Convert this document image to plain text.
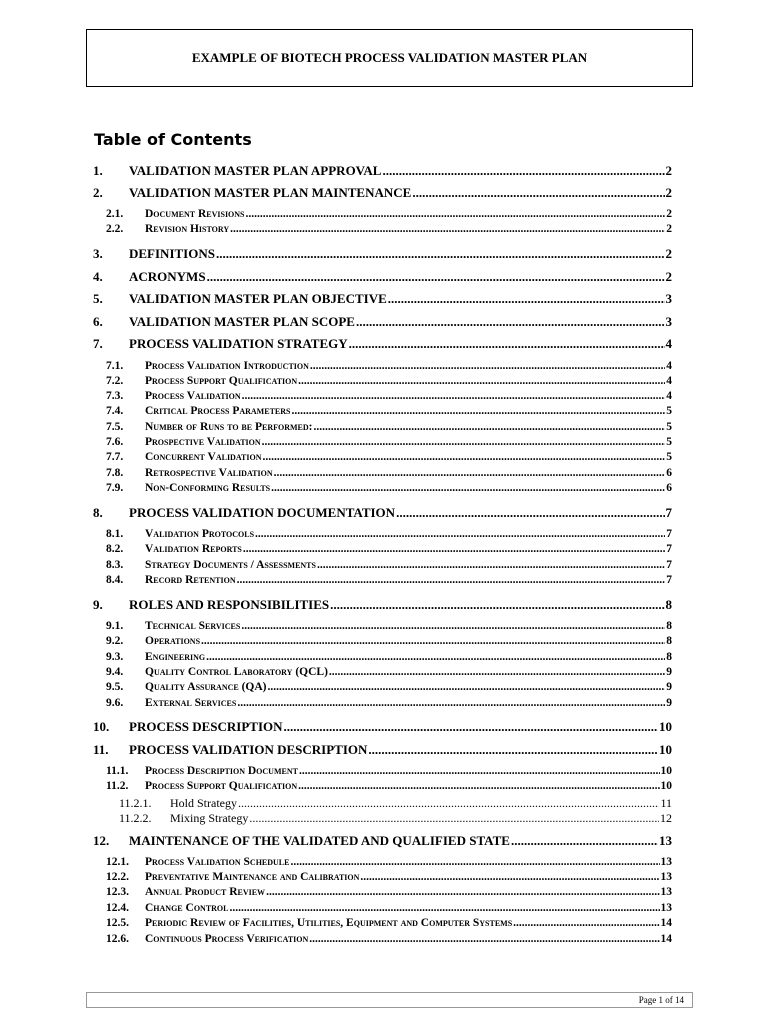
EXAMPLE OF BIOTECH PROCESS VALIDATION MASTER PLAN
Table of Contents
1.	VALIDATION MASTER PLAN APPROVAL .....	2
2.	VALIDATION MASTER PLAN MAINTENANCE .....	2
2.1.	Document Revisions .....	2
2.2.	Revision History .....	2
3.	DEFINITIONS .....	2
4.	ACRONYMS .....	2
5.	VALIDATION MASTER PLAN OBJECTIVE .....	3
6.	VALIDATION MASTER PLAN SCOPE .....	3
7.	PROCESS VALIDATION STRATEGY .....	4
7.1.	Process Validation Introduction .....	4
7.2.	Process Support Qualification .....	4
7.3.	Process Validation .....	4
7.4.	Critical Process Parameters .....	5
7.5.	Number of Runs to be Performed: .....	5
7.6.	Prospective Validation .....	5
7.7.	Concurrent Validation .....	5
7.8.	Retrospective Validation .....	6
7.9.	Non-Conforming Results .....	6
8.	PROCESS VALIDATION DOCUMENTATION .....	7
8.1.	Validation Protocols .....	7
8.2.	Validation Reports .....	7
8.3.	Strategy Documents / Assessments .....	7
8.4.	Record Retention .....	7
9.	ROLES AND RESPONSIBILITIES .....	8
9.1.	Technical Services .....	8
9.2.	Operations .....	8
9.3.	Engineering .....	8
9.4.	Quality Control Laboratory (QCL) .....	9
9.5.	Quality Assurance (QA) .....	9
9.6.	External Services .....	9
10.	PROCESS DESCRIPTION .....	10
11.	PROCESS VALIDATION DESCRIPTION .....	10
11.1.	Process Description Document .....	10
11.2.	Process Support Qualification .....	10
11.2.1.	Hold Strategy .....	11
11.2.2.	Mixing Strategy .....	12
12.	MAINTENANCE OF THE VALIDATED AND QUALIFIED STATE .....	13
12.1.	Process Validation Schedule .....	13
12.2.	Preventative Maintenance and Calibration .....	13
12.3.	Annual Product Review .....	13
12.4.	Change Control .....	13
12.5.	Periodic Review of Facilities, Utilities, Equipment and Computer Systems .....	14
12.6.	Continuous Process Verification .....	14
Page 1 of 14
